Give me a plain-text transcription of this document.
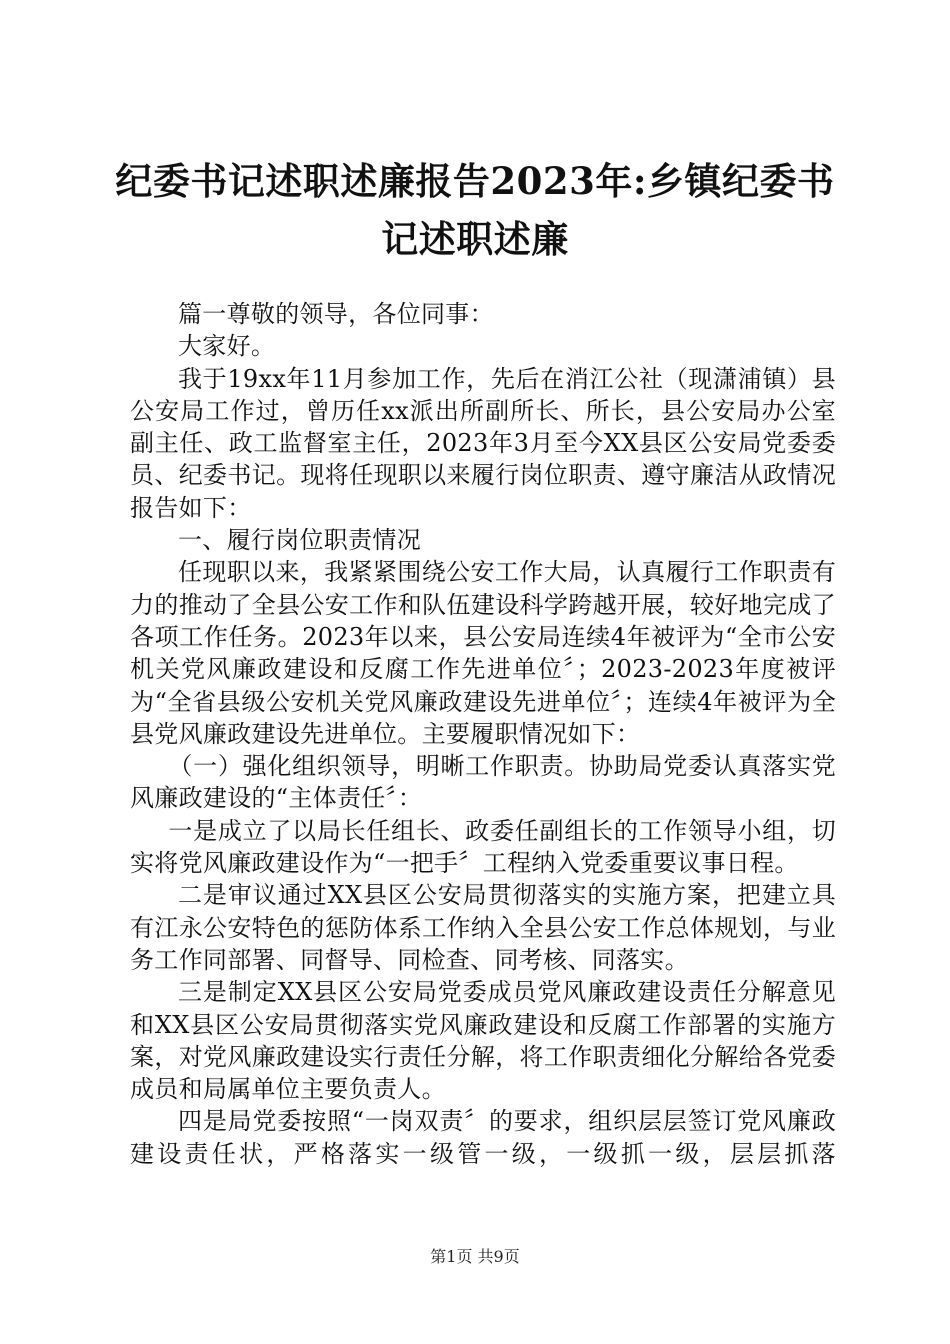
纪委书记述职述廉报告2023年:乡镇纪委书记述职述廉

篇一尊敬的领导，各位同事：

大家好。

我于19xx年11月参加工作，先后在消江公社（现潇浦镇）县公安局工作过，曾历任xx派出所副所长、所长，县公安局办公室副主任、政工监督室主任，2023年3月至今XX县区公安局党委委员、纪委书记。现将任现职以来履行岗位职责、遵守廉洁从政情况报告如下：

一、履行岗位职责情况

任现职以来，我紧紧围绕公安工作大局，认真履行工作职责有力的推动了全县公安工作和队伍建设科学跨越开展，较好地完成了各项工作任务。2023年以来，县公安局连续4年被评为“全市公安机关党风廉政建设和反腐工作先进单位〞；2023-2023年度被评为“全省县级公安机关党风廉政建设先进单位〞；连续4年被评为全县党风廉政建设先进单位。主要履职情况如下：

（一）强化组织领导，明晰工作职责。协助局党委认真落实党风廉政建设的“主体责任〞：

一是成立了以局长任组长、政委任副组长的工作领导小组，切实将党风廉政建设作为“一把手〞工程纳入党委重要议事日程。

二是审议通过XX县区公安局贯彻落实的实施方案，把建立具有江永公安特色的惩防体系工作纳入全县公安工作总体规划，与业务工作同部署、同督导、同检查、同考核、同落实。

三是制定XX县区公安局党委成员党风廉政建设责任分解意见和XX县区公安局贯彻落实党风廉政建设和反腐工作部署的实施方案，对党风廉政建设实行责任分解，将工作职责细化分解给各党委成员和局属单位主要负责人。

四是局党委按照“一岗双责〞的要求，组织层层签订党风廉政建设责任状，严格落实一级管一级，一级抓一级，层层抓落

第1页 共9页
